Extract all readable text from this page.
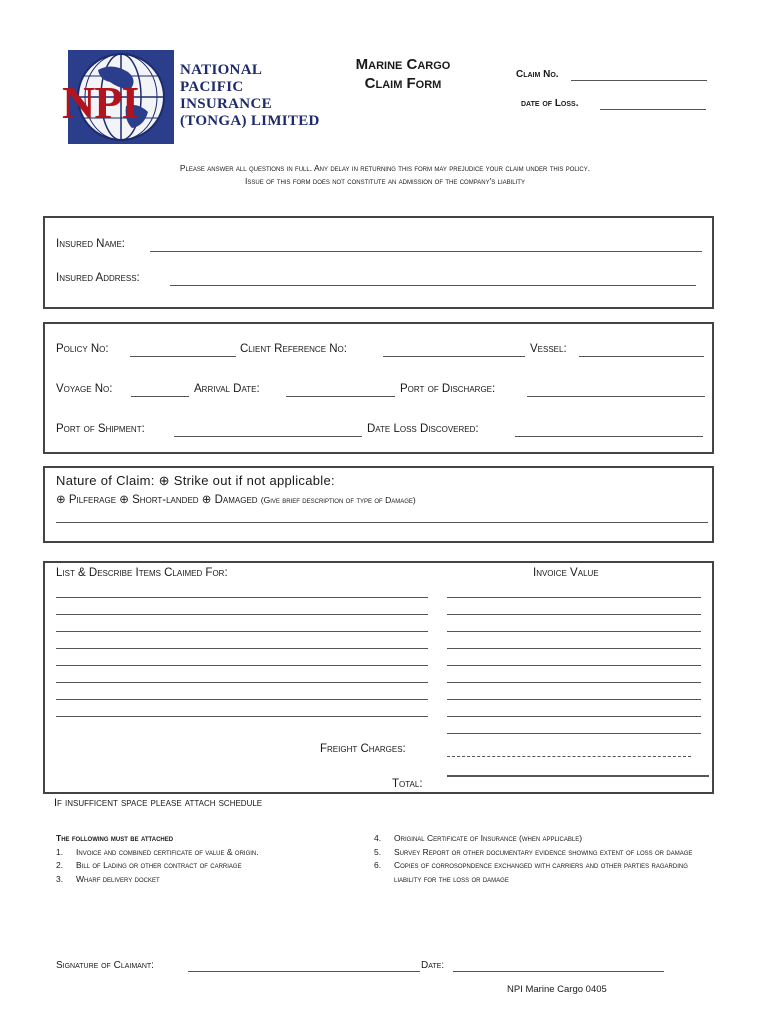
NPI
NATIONAL
PACIFIC
INSURANCE
(TONGA) LIMITED
Marine Cargo
Claim Form
Claim No.
date of Loss.
Please answer all questions in full. Any delay in returning this form may prejudice your claim under this policy.
Issue of this form does not constitute an admission of the company's liability
Insured Name:
Insured Address:
Policy No:	Client Reference No:	Vessel:
Voyage No:	Arrival Date:	Port of Discharge:
Port of Shipment:	Date Loss Discovered:
Nature of Claim: ⊕ Strike out if not applicable:
⊕ Pilferage ⊕ Short-landed ⊕ Damaged (Give brief description of type of Damage)
List & Describe Items Claimed For:	Invoice Value
Freight Charges:
Total:
If insufficent space please attach schedule
The following must be attached
1. Invoice and combined certificate of value & origin.
2. Bill of Lading or other contract of carriage
3. Wharf delivery docket
4. Original Certificate of Insurance (when applicable)
5. Survey Report or other documentary evidence showing extent of loss or damage
6. Copies of corrosopndence exchanged with carriers and other parties ragarding liability for the loss or damage
Signature of Claimant:	Date:
NPI Marine Cargo 0405
